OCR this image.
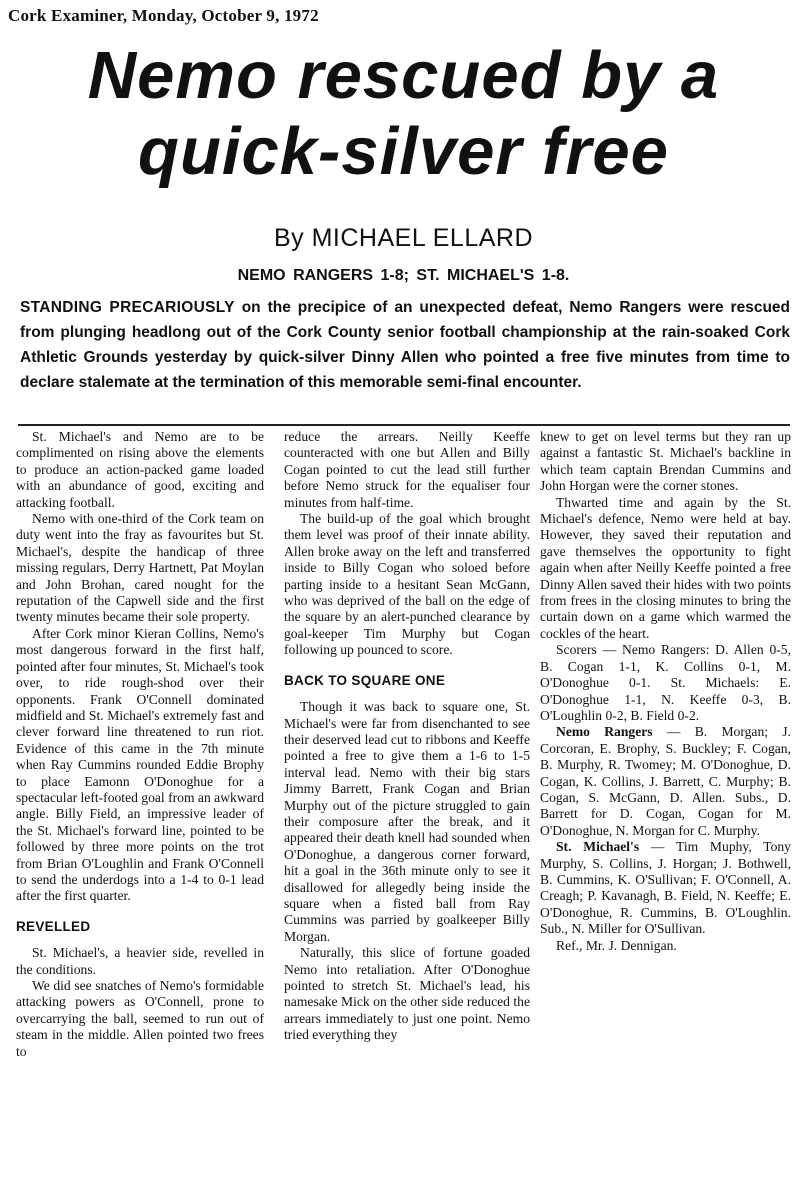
Cork Examiner, Monday, October 9, 1972
Nemo rescued by a
quick-silver free
By MICHAEL ELLARD
NEMO RANGERS 1-8; ST. MICHAEL'S 1-8.
STANDING PRECARIOUSLY on the precipice of an unexpected defeat, Nemo Rangers were rescued from plunging headlong out of the Cork County senior football championship at the rain-soaked Cork Athletic Grounds yesterday by quick-silver Dinny Allen who pointed a free five minutes from time to declare stalemate at the termination of this memorable semi-final encounter.

St. Michael's and Nemo are to be complimented on rising above the elements to produce an action-packed game loaded with an abundance of good, exciting and attacking football.

Nemo with one-third of the Cork team on duty went into the fray as favourites but St. Michael's, despite the handicap of three missing regulars, Derry Hartnett, Pat Moylan and John Brohan, cared nought for the reputation of the Capwell side and the first twenty minutes became their sole property.

After Cork minor Kieran Collins, Nemo's most dangerous forward in the first half, pointed after four minutes, St. Michael's took over, to ride rough-shod over their opponents. Frank O'Connell dominated midfield and St. Michael's extremely fast and clever forward line threatened to run riot. Evidence of this came in the 7th minute when Ray Cummins rounded Eddie Brophy to place Eamonn O'Donoghue for a spectacular left-footed goal from an awkward angle. Billy Field, an impressive leader of the St. Michael's forward line, pointed to be followed by three more points on the trot from Brian O'Loughlin and Frank O'Connell to send the underdogs into a 1-4 to 0-1 lead after the first quarter.

REVELLED

St. Michael's, a heavier side, revelled in the conditions.

We did see snatches of Nemo's formidable attacking powers as O'Connell, prone to overcarrying the ball, seemed to run out of steam in the middle. Allen pointed two frees to

reduce the arrears. Neilly Keeffe counteracted with one but Allen and Billy Cogan pointed to cut the lead still further before Nemo struck for the equaliser four minutes from half-time.

The build-up of the goal which brought them level was proof of their innate ability. Allen broke away on the left and transferred inside to Billy Cogan who soloed before parting inside to a hesitant Sean McGann, who was deprived of the ball on the edge of the square by an alert-punched clearance by goal-keeper Tim Murphy but Cogan following up pounced to score.

BACK TO SQUARE ONE

Though it was back to square one, St. Michael's were far from disenchanted to see their deserved lead cut to ribbons and Keeffe pointed a free to give them a 1-6 to 1-5 interval lead. Nemo with their big stars Jimmy Barrett, Frank Cogan and Brian Murphy out of the picture struggled to gain their composure after the break, and it appeared their death knell had sounded when O'Donoghue, a dangerous corner forward, hit a goal in the 36th minute only to see it disallowed for allegedly being inside the square when a fisted ball from Ray Cummins was parried by goalkeeper Billy Morgan.

Naturally, this slice of fortune goaded Nemo into retaliation. After O'Donoghue pointed to stretch St. Michael's lead, his namesake Mick on the other side reduced the arrears immediately to just one point. Nemo tried everything they

knew to get on level terms but they ran up against a fantastic St. Michael's backline in which team captain Brendan Cummins and John Horgan were the corner stones.

Thwarted time and again by the St. Michael's defence, Nemo were held at bay. However, they saved their reputation and gave themselves the opportunity to fight again when after Neilly Keeffe pointed a free Dinny Allen saved their hides with two points from frees in the closing minutes to bring the curtain down on a game which warmed the cockles of the heart.

Scorers — Nemo Rangers: D. Allen 0-5, B. Cogan 1-1, K. Collins 0-1, M. O'Donoghue 0-1. St. Michaels: E. O'Donoghue 1-1, N. Keeffe 0-3, B. O'Loughlin 0-2, B. Field 0-2.

Nemo Rangers — B. Morgan; J. Corcoran, E. Brophy, S. Buckley; F. Cogan, B. Murphy, R. Twomey; M. O'Donoghue, D. Cogan, K. Collins, J. Barrett, C. Murphy; B. Cogan, S. McGann, D. Allen. Subs., D. Barrett for D. Cogan, Cogan for M. O'Donoghue, N. Morgan for C. Murphy.

St. Michael's — Tim Muphy, Tony Murphy, S. Collins, J. Horgan; J. Bothwell, B. Cummins, K. O'Sullivan; F. O'Connell, A. Creagh; P. Kavanagh, B. Field, N. Keeffe; E. O'Donoghue, R. Cummins, B. O'Loughlin. Sub., N. Miller for O'Sullivan.

Ref., Mr. J. Dennigan.
